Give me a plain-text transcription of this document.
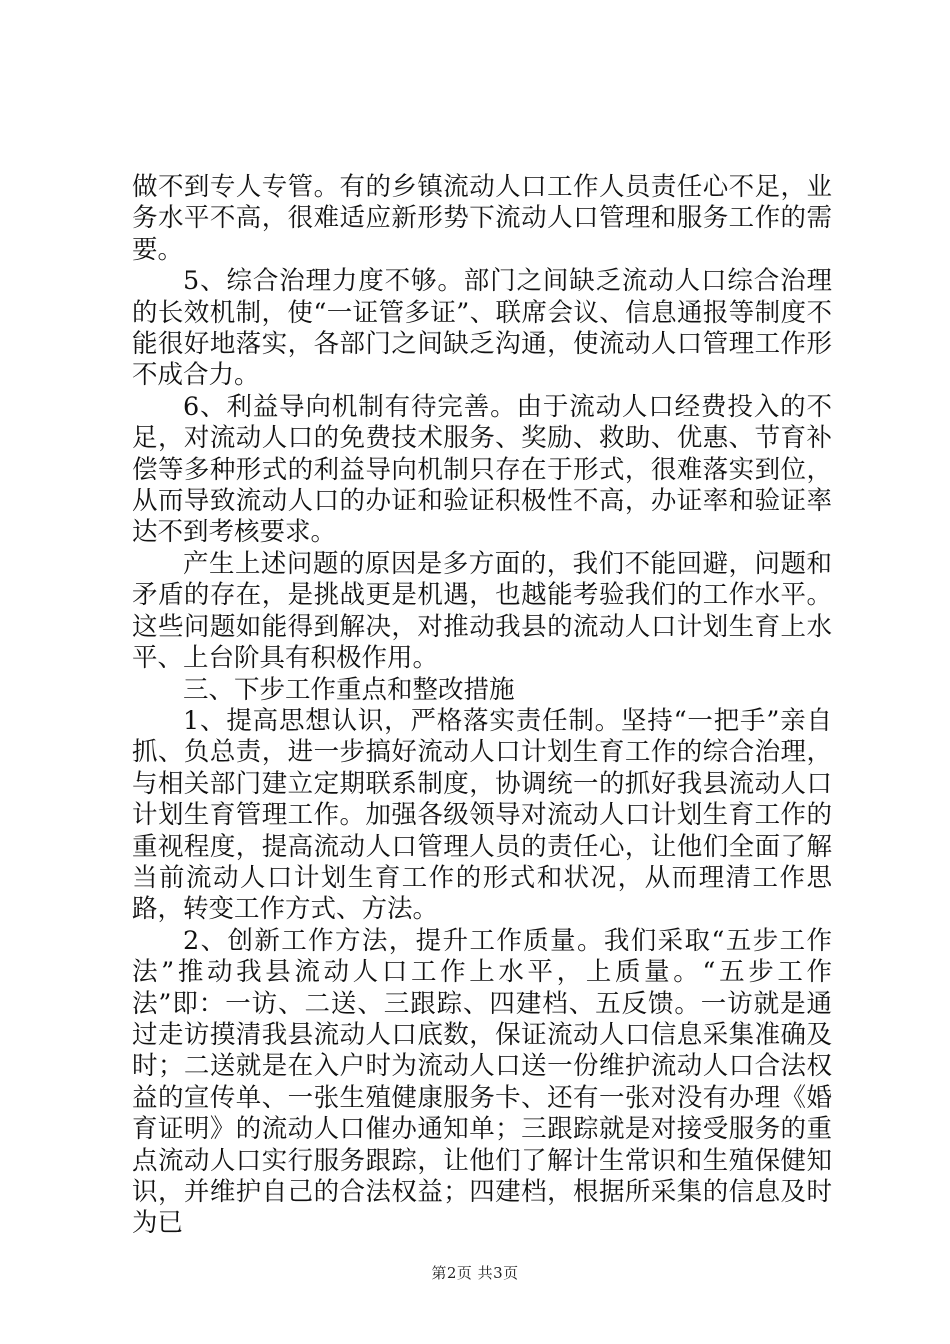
做不到专人专管。有的乡镇流动人口工作人员责任心不足，业务水平不高，很难适应新形势下流动人口管理和服务工作的需要。

5、综合治理力度不够。部门之间缺乏流动人口综合治理的长效机制，使“一证管多证”、联席会议、信息通报等制度不能很好地落实，各部门之间缺乏沟通，使流动人口管理工作形不成合力。

6、利益导向机制有待完善。由于流动人口经费投入的不足，对流动人口的免费技术服务、奖励、救助、优惠、节育补偿等多种形式的利益导向机制只存在于形式，很难落实到位，从而导致流动人口的办证和验证积极性不高，办证率和验证率达不到考核要求。

产生上述问题的原因是多方面的，我们不能回避，问题和矛盾的存在，是挑战更是机遇，也越能考验我们的工作水平。这些问题如能得到解决，对推动我县的流动人口计划生育上水平、上台阶具有积极作用。

三、下步工作重点和整改措施

1、提高思想认识，严格落实责任制。坚持“一把手”亲自抓、负总责，进一步搞好流动人口计划生育工作的综合治理，与相关部门建立定期联系制度，协调统一的抓好我县流动人口计划生育管理工作。加强各级领导对流动人口计划生育工作的重视程度，提高流动人口管理人员的责任心，让他们全面了解当前流动人口计划生育工作的形式和状况，从而理清工作思路，转变工作方式、方法。

2、创新工作方法，提升工作质量。我们采取“五步工作法”推动我县流动人口工作上水平，上质量。“五步工作法”即：一访、二送、三跟踪、四建档、五反馈。一访就是通过走访摸清我县流动人口底数，保证流动人口信息采集准确及时；二送就是在入户时为流动人口送一份维护流动人口合法权益的宣传单、一张生殖健康服务卡、还有一张对没有办理《婚育证明》的流动人口催办通知单；三跟踪就是对接受服务的重点流动人口实行服务跟踪，让他们了解计生常识和生殖保健知识，并维护自己的合法权益；四建档，根据所采集的信息及时为已

第2页 共3页
